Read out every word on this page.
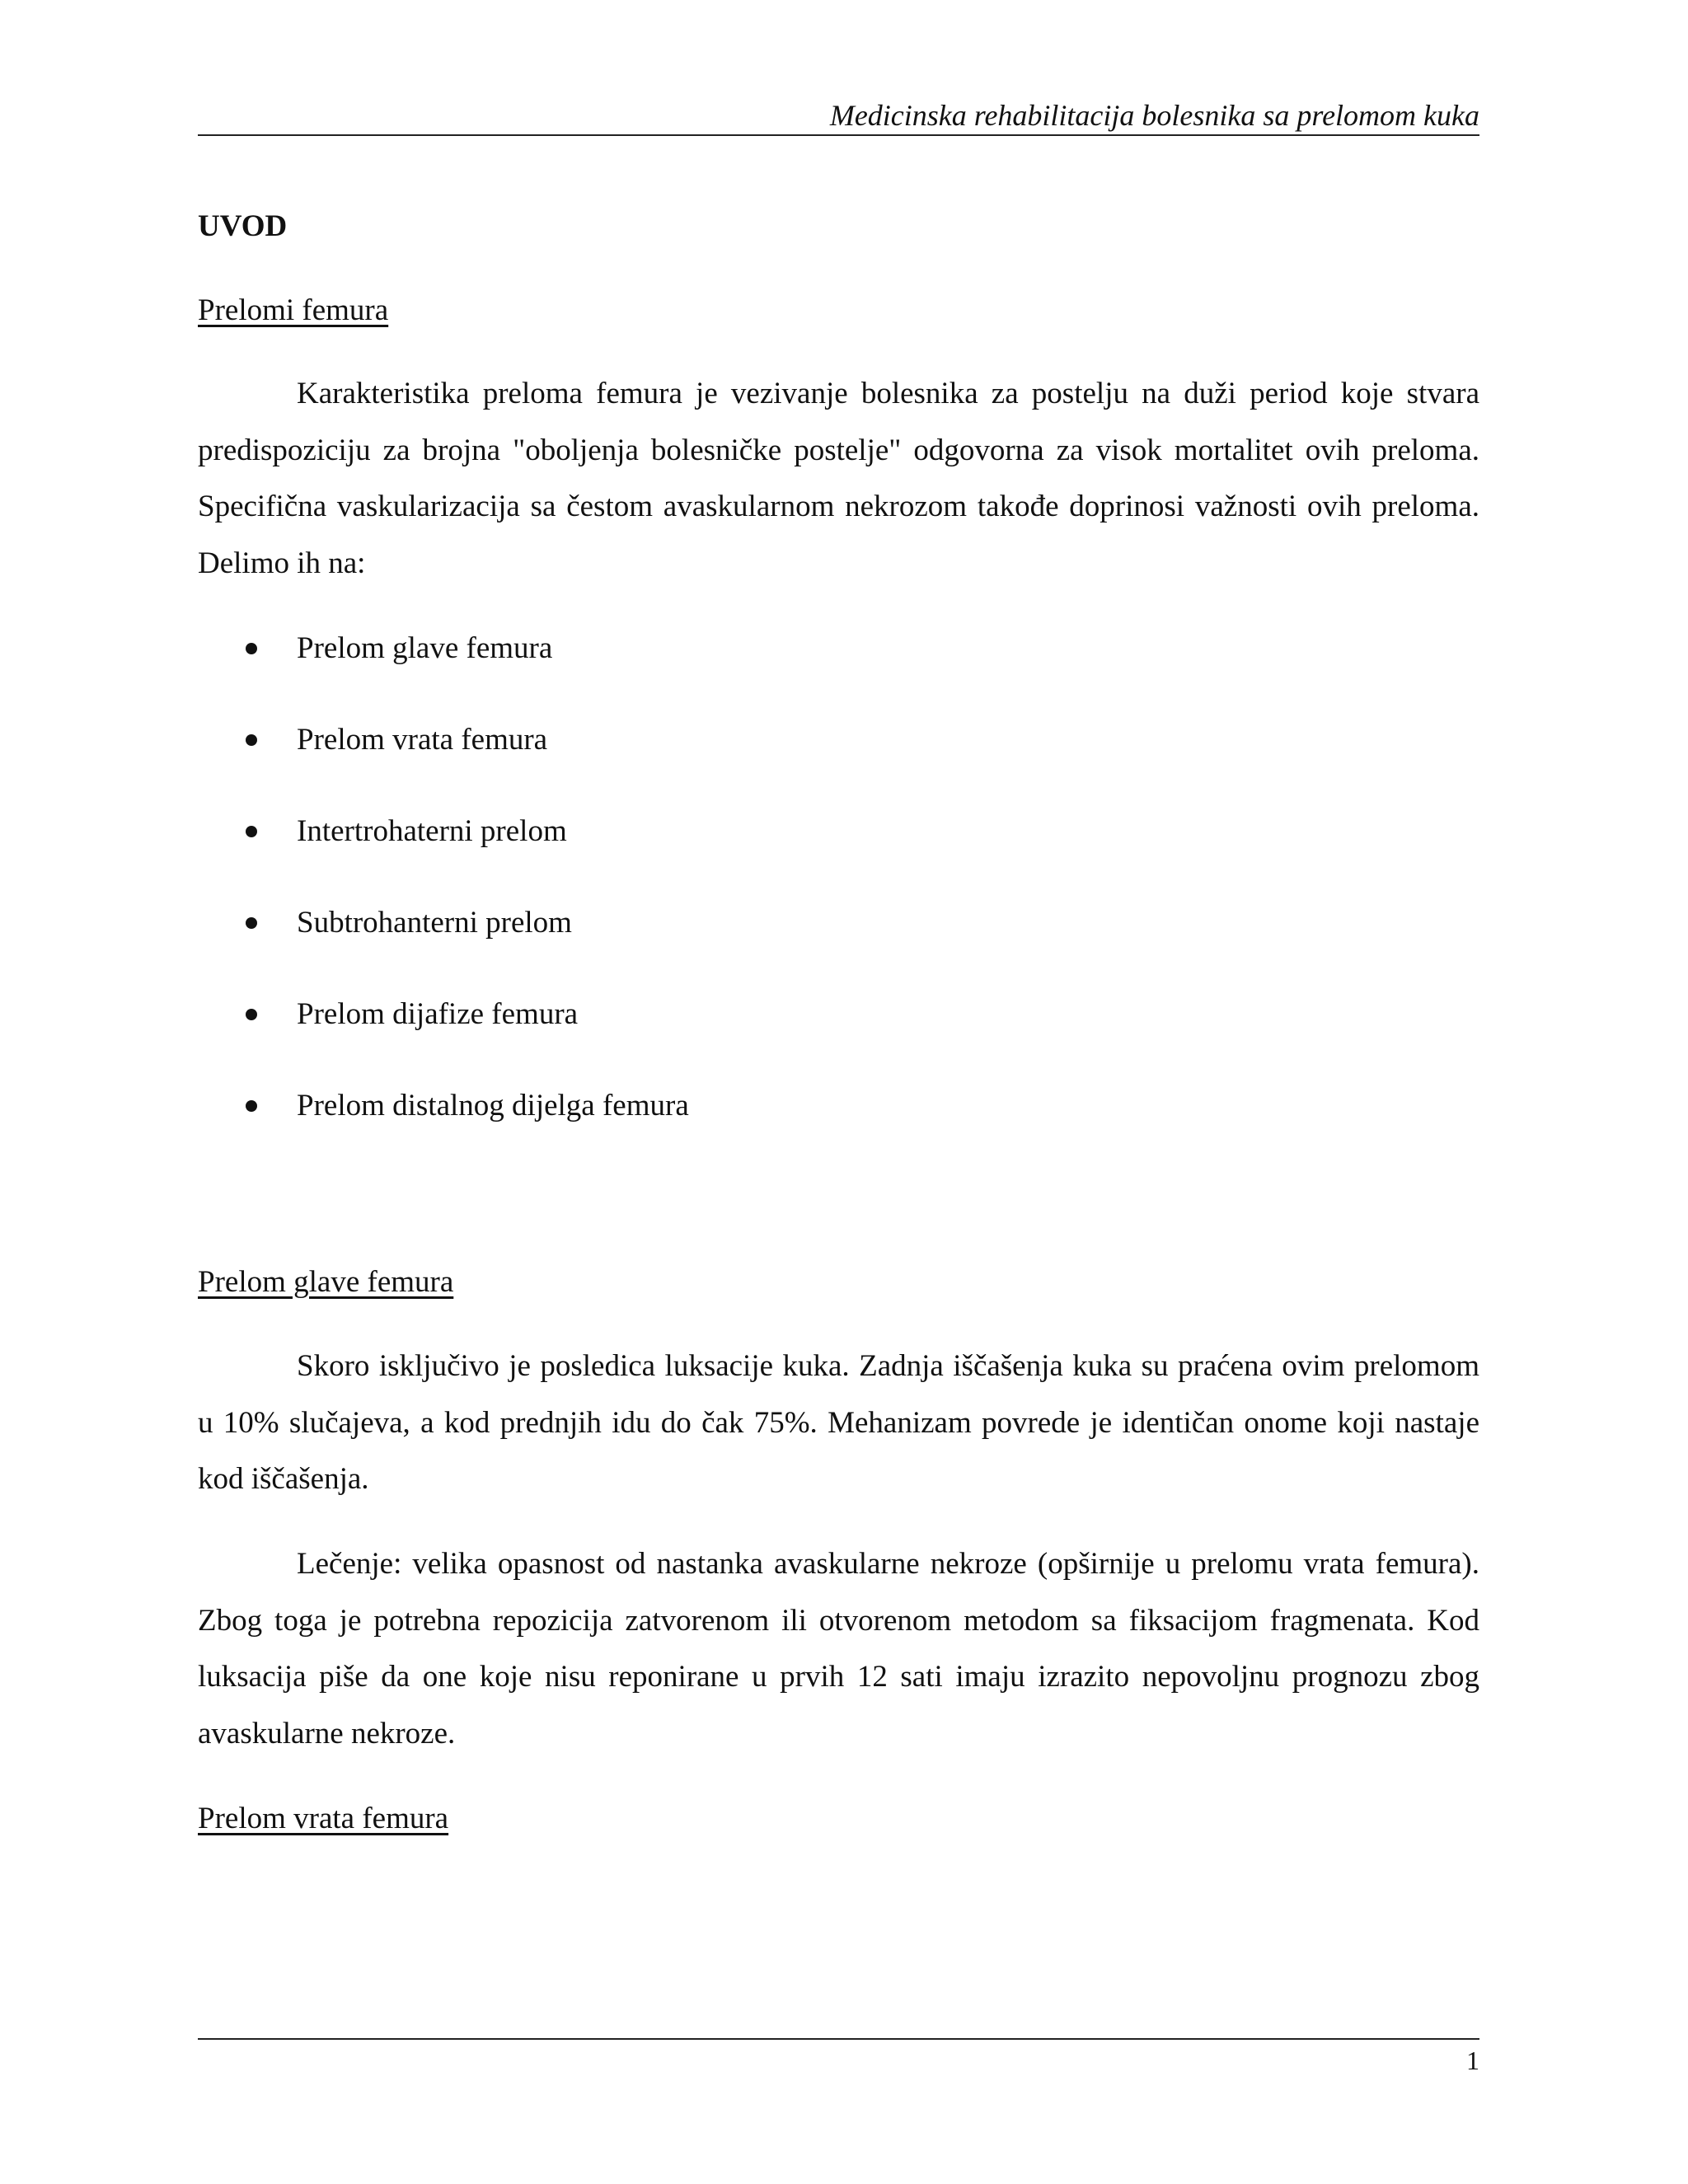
Medicinska rehabilitacija bolesnika sa prelomom kuka
UVOD
Prelomi femura

Karakteristika preloma femura je vezivanje bolesnika za postelju na duži period koje stvara predispoziciju za brojna "oboljenja bolesničke postelje" odgovorna za visok mortalitet ovih preloma. Specifična vaskularizacija sa čestom avaskularnom nekrozom takođe doprinosi važnosti ovih preloma. Delimo ih na:

Prelom glave femura
Prelom vrata femura
Intertrohaterni prelom
Subtrohanterni prelom
Prelom dijafize femura
Prelom distalnog dijelga femura
Prelom glave femura

Skoro isključivo je posledica luksacije kuka. Zadnja iščašenja kuka su praćena ovim prelomom u 10% slučajeva, a kod prednjih idu do čak 75%. Mehanizam povrede je identičan onome koji nastaje kod iščašenja.

Lečenje: velika opasnost od nastanka avaskularne nekroze (opširnije u prelomu vrata femura). Zbog toga je potrebna repozicija zatvorenom ili otvorenom metodom sa fiksacijom fragmenata. Kod luksacija piše da one koje nisu reponirane u prvih 12 sati imaju izrazito nepovoljnu prognozu zbog avaskularne nekroze.

Prelom vrata femura
1
